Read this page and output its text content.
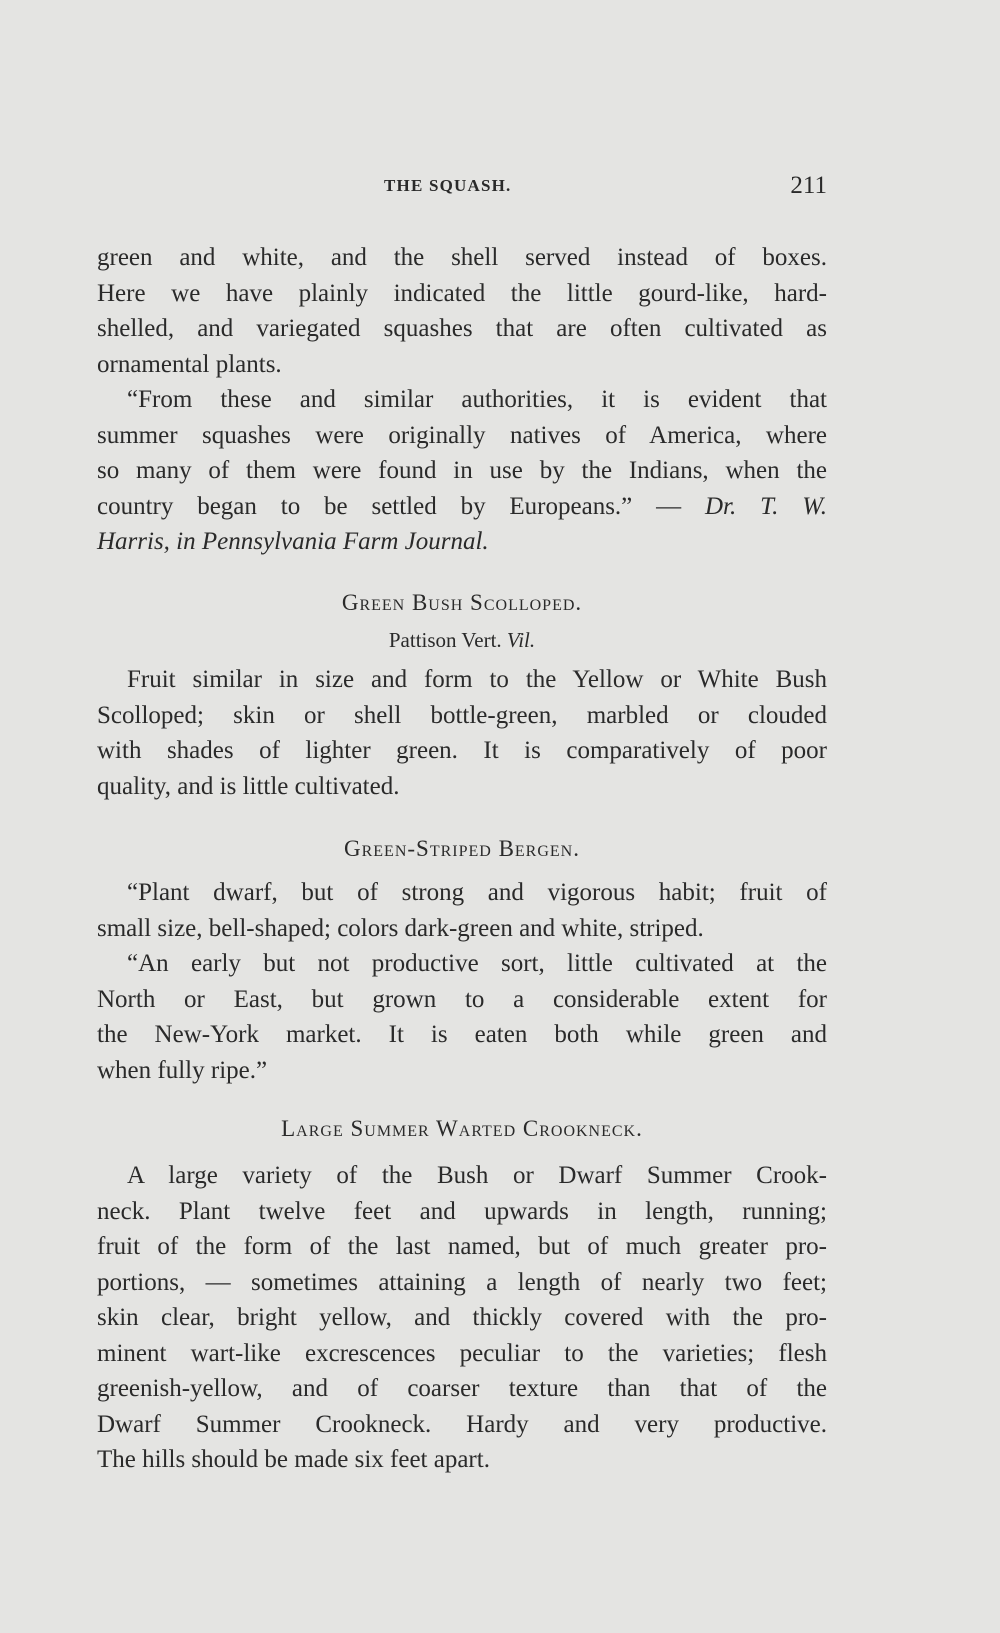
THE SQUASH.	211
green and white, and the shell served instead of boxes.
Here we have plainly indicated the little gourd-like, hard-
shelled, and variegated squashes that are often cultivated as
ornamental plants.
“From these and similar authorities, it is evident that
summer squashes were originally natives of America, where
so many of them were found in use by the Indians, when the
country began to be settled by Europeans.” — Dr. T. W.
Harris, in Pennsylvania Farm Journal.
Green Bush Scolloped.
Pattison Vert. Vil.
Fruit similar in size and form to the Yellow or White Bush
Scolloped; skin or shell bottle-green, marbled or clouded
with shades of lighter green. It is comparatively of poor
quality, and is little cultivated.
Green-Striped Bergen.
“Plant dwarf, but of strong and vigorous habit; fruit of
small size, bell-shaped; colors dark-green and white, striped.
“An early but not productive sort, little cultivated at the
North or East, but grown to a considerable extent for
the New-York market. It is eaten both while green and
when fully ripe.”
Large Summer Warted Crookneck.
A large variety of the Bush or Dwarf Summer Crook-
neck. Plant twelve feet and upwards in length, running;
fruit of the form of the last named, but of much greater pro-
portions, — sometimes attaining a length of nearly two feet;
skin clear, bright yellow, and thickly covered with the pro-
minent wart-like excrescences peculiar to the varieties; flesh
greenish-yellow, and of coarser texture than that of the
Dwarf Summer Crookneck. Hardy and very productive.
The hills should be made six feet apart.
